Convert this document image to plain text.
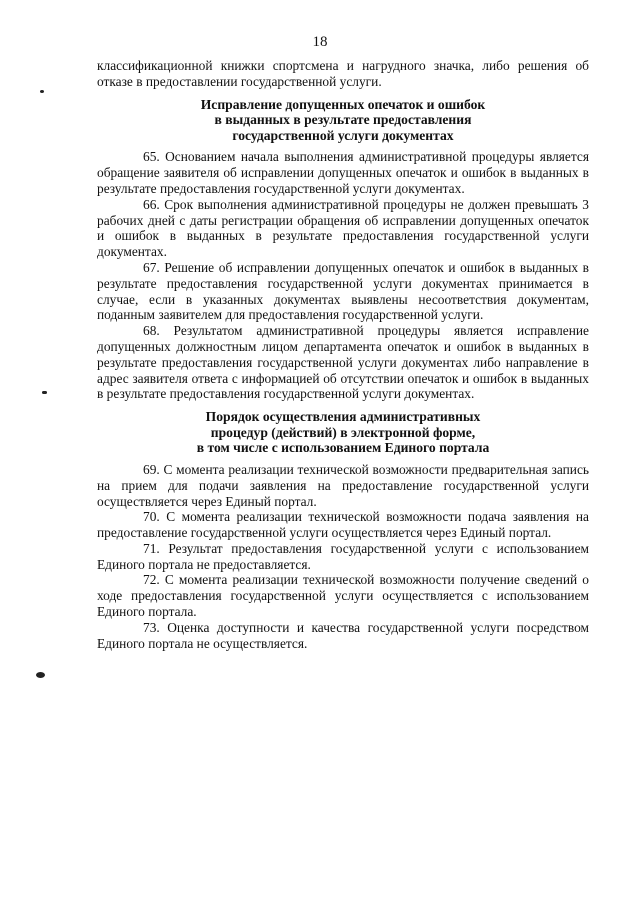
18

классификационной книжки спортсмена и нагрудного значка, либо решения об отказе в предоставлении государственной услуги.

Исправление допущенных опечаток и ошибок
в выданных в результате предоставления
государственной услуги документах

65. Основанием начала выполнения административной процедуры является обращение заявителя об исправлении допущенных опечаток и ошибок в выданных в результате предоставления государственной услуги документах.

66. Срок выполнения административной процедуры не должен превышать 3 рабочих дней с даты регистрации обращения об исправлении допущенных опечаток и ошибок в выданных в результате предоставления государственной услуги документах.

67. Решение об исправлении допущенных опечаток и ошибок в выданных в результате предоставления государственной услуги документах принимается в случае, если в указанных документах выявлены несоответствия документам, поданным заявителем для предоставления государственной услуги.

68. Результатом административной процедуры является исправление допущенных должностным лицом департамента опечаток и ошибок в выданных в результате предоставления государственной услуги документах либо направление в адрес заявителя ответа с информацией об отсутствии опечаток и ошибок в выданных в результате предоставления государственной услуги документах.

Порядок осуществления административных
процедур (действий) в электронной форме,
в том числе с использованием Единого портала

69. С момента реализации технической возможности предварительная запись на прием для подачи заявления на предоставление государственной услуги осуществляется через Единый портал.

70. С момента реализации технической возможности подача заявления на предоставление государственной услуги осуществляется через Единый портал.

71. Результат предоставления государственной услуги с использованием Единого портала не предоставляется.

72. С момента реализации технической возможности получение сведений о ходе предоставления государственной услуги осуществляется с использованием Единого портала.

73. Оценка доступности и качества государственной услуги посредством Единого портала не осуществляется.
